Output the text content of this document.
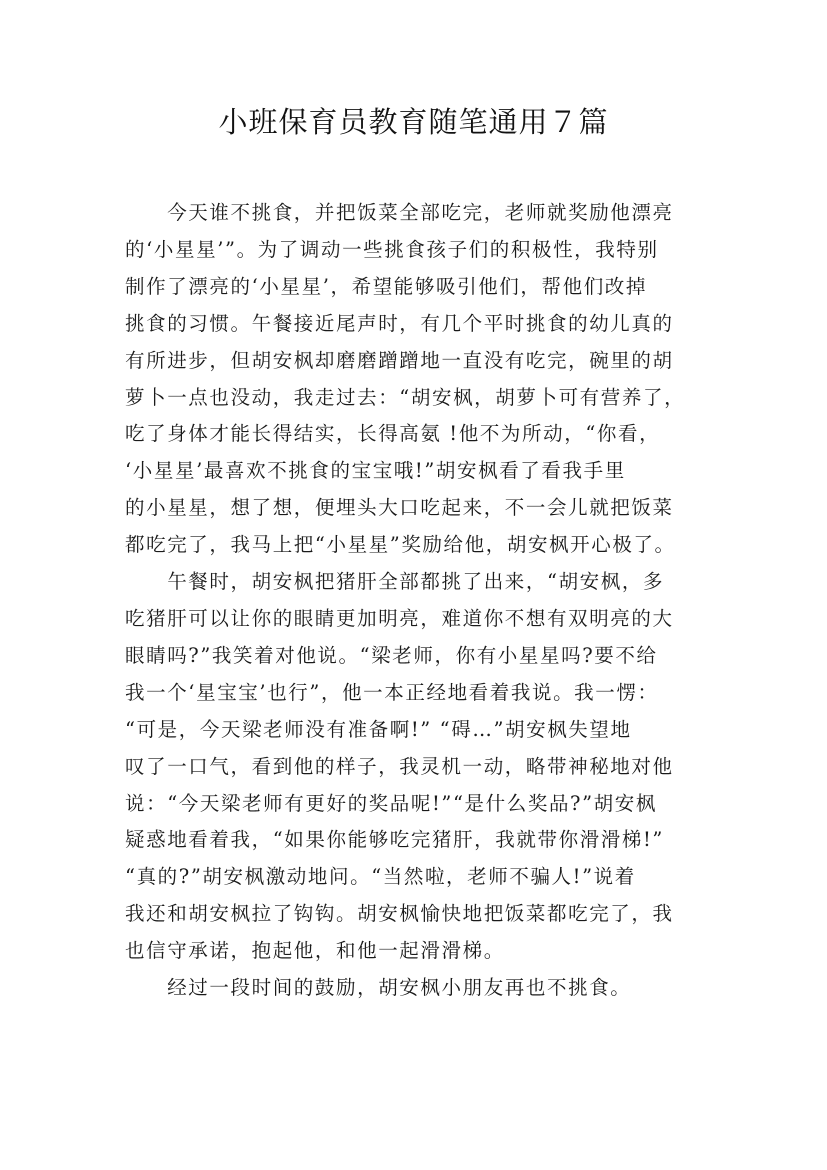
小班保育员教育随笔通用７篇
　　今天谁不挑食，并把饭菜全部吃完，老师就奖励他漂亮
的‘小星星’”。为了调动一些挑食孩子们的积极性，我特别
制作了漂亮的‘小星星’，希望能够吸引他们，帮他们改掉
挑食的习惯。午餐接近尾声时，有几个平时挑食的幼儿真的
有所进步，但胡安枫却磨磨蹭蹭地一直没有吃完，碗里的胡
萝卜一点也没动，我走过去：“胡安枫，胡萝卜可有营养了，
吃了身体才能长得结实，长得高氨 !他不为所动，“你看，
‘小星星’最喜欢不挑食的宝宝哦!”胡安枫看了看我手里
的小星星，想了想，便埋头大口吃起来，不一会儿就把饭菜
都吃完了，我马上把“小星星”奖励给他，胡安枫开心极了。
　　午餐时，胡安枫把猪肝全部都挑了出来，“胡安枫，多
吃猪肝可以让你的眼睛更加明亮，难道你不想有双明亮的大
眼睛吗?”我笑着对他说。“梁老师，你有小星星吗?要不给
我一个‘星宝宝’也行”，他一本正经地看着我说。我一愣：
“可是，今天梁老师没有准备啊!” “碍…”胡安枫失望地
叹了一口气，看到他的样子，我灵机一动，略带神秘地对他
说：“今天梁老师有更好的奖品呢!”“是什么奖品?”胡安枫
疑惑地看着我，“如果你能够吃完猪肝，我就带你滑滑梯!”
“真的?”胡安枫激动地问。“当然啦，老师不骗人!”说着
我还和胡安枫拉了钩钩。胡安枫愉快地把饭菜都吃完了，我
也信守承诺，抱起他，和他一起滑滑梯。
　　经过一段时间的鼓励，胡安枫小朋友再也不挑食。
